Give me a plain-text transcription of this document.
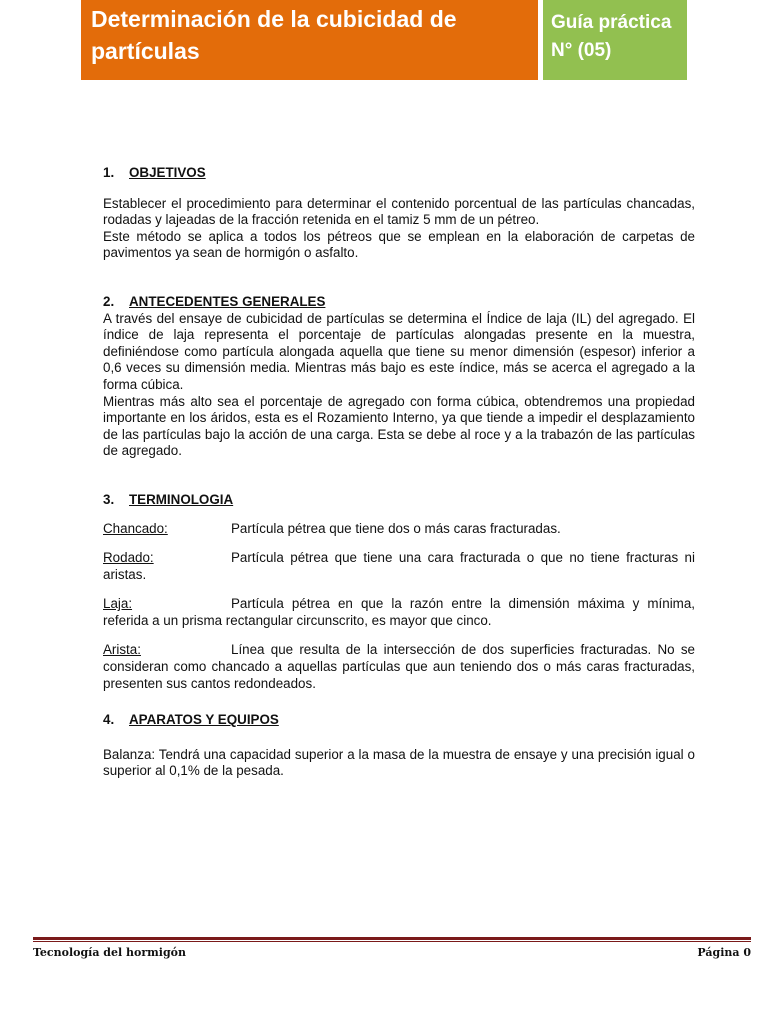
Determinación de la cubicidad de
partículas
Guía práctica
N° (05)

1. OBJETIVOS

Establecer el procedimiento para determinar el contenido porcentual de las partículas chancadas, rodadas y lajeadas de la fracción retenida en el tamiz 5 mm de un pétreo.

Este método se aplica a todos los pétreos que se emplean en la elaboración de carpetas de pavimentos ya sean de hormigón o asfalto.

2. ANTECEDENTES GENERALES

A través del ensaye de cubicidad de partículas se determina el Índice de laja (IL) del agregado. El índice de laja representa el porcentaje de partículas alongadas presente en la muestra, definiéndose como partícula alongada aquella que tiene su menor dimensión (espesor) inferior a 0,6 veces su dimensión media. Mientras más bajo es este índice, más se acerca el agregado a la forma cúbica.

Mientras más alto sea el porcentaje de agregado con forma cúbica, obtendremos una propiedad importante en los áridos, esta es el Rozamiento Interno, ya que tiende a impedir el desplazamiento de las partículas bajo la acción de una carga. Esta se debe al roce y a la trabazón de las partículas de agregado.

3. TERMINOLOGIA

Chancado:	Partícula pétrea que tiene dos o más caras fracturadas.

Rodado:	Partícula pétrea que tiene una cara fracturada o que no tiene fracturas ni aristas.

Laja:	Partícula pétrea en que la razón entre la dimensión máxima y mínima, referida a un prisma rectangular circunscrito, es mayor que cinco.

Arista:	Línea que resulta de la intersección de dos superficies fracturadas. No se consideran como chancado a aquellas partículas que aun teniendo dos o más caras fracturadas, presenten sus cantos redondeados.

4. APARATOS Y EQUIPOS

Balanza: Tendrá una capacidad superior a la masa de la muestra de ensaye y una precisión igual o superior al 0,1% de la pesada.

Tecnología del hormigón	Página 0
